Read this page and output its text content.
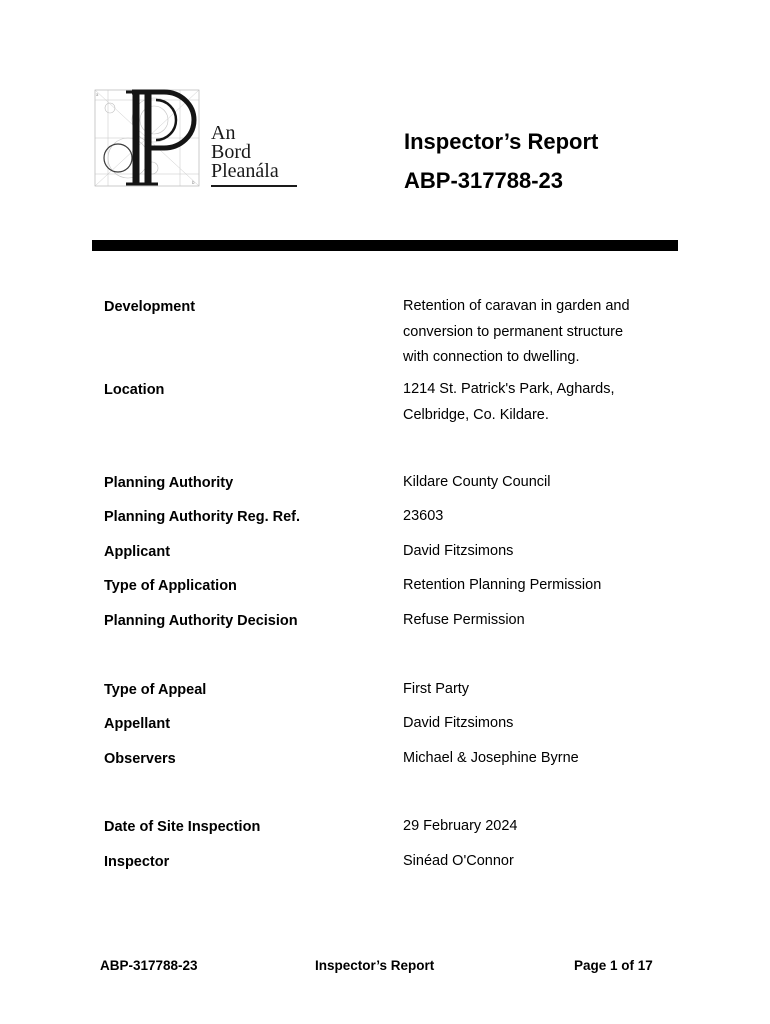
a
b
An
Bord
Pleanála
Inspector’s Report
ABP-317788-23
Development	Retention of caravan in garden and
conversion to permanent structure
with connection to dwelling.
Location	1214 St. Patrick's Park, Aghards,
Celbridge, Co. Kildare.
Planning Authority	Kildare County Council
Planning Authority Reg. Ref.	23603
Applicant	David Fitzsimons
Type of Application	Retention Planning Permission
Planning Authority Decision	Refuse Permission
Type of Appeal	First Party
Appellant	David Fitzsimons
Observers	Michael & Josephine Byrne
Date of Site Inspection	29 February 2024
Inspector	Sinéad O'Connor
ABP-317788-23	Inspector’s Report	Page 1 of 17
